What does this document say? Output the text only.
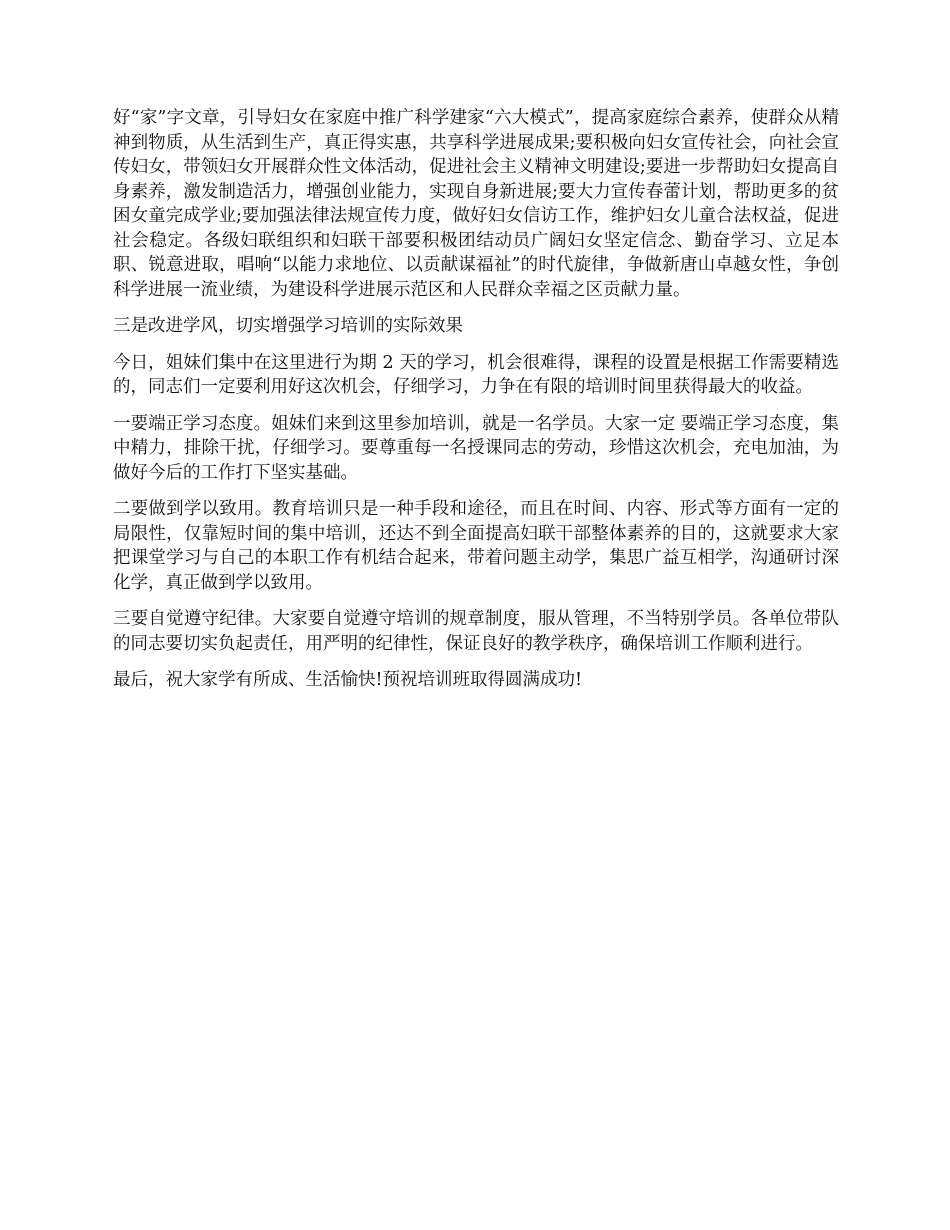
好“家”字文章，引导妇女在家庭中推广科学建家“六大模式”，提高家庭综合素养，使群众从精神到物质，从生活到生产，真正得实惠，共享科学进展成果;要积极向妇女宣传社会，向社会宣传妇女，带领妇女开展群众性文体活动，促进社会主义精神文明建设;要进一步帮助妇女提高自身素养，激发制造活力，增强创业能力，实现自身新进展;要大力宣传春蕾计划，帮助更多的贫困女童完成学业;要加强法律法规宣传力度，做好妇女信访工作，维护妇女儿童合法权益，促进社会稳定。各级妇联组织和妇联干部要积极团结动员广阔妇女坚定信念、勤奋学习、立足本职、锐意进取，唱响“以能力求地位、以贡献谋福祉”的时代旋律，争做新唐山卓越女性，争创科学进展一流业绩，为建设科学进展示范区和人民群众幸福之区贡献力量。

三是改进学风，切实增强学习培训的实际效果

今日，姐妹们集中在这里进行为期 2 天的学习，机会很难得，课程的设置是根据工作需要精选的，同志们一定要利用好这次机会，仔细学习，力争在有限的培训时间里获得最大的收益。

一要端正学习态度。姐妹们来到这里参加培训，就是一名学员。大家一定 要端正学习态度，集中精力，排除干扰，仔细学习。要尊重每一名授课同志的劳动，珍惜这次机会，充电加油，为做好今后的工作打下坚实基础。

二要做到学以致用。教育培训只是一种手段和途径，而且在时间、内容、形式等方面有一定的局限性，仅靠短时间的集中培训，还达不到全面提高妇联干部整体素养的目的，这就要求大家把课堂学习与自己的本职工作有机结合起来，带着问题主动学，集思广益互相学，沟通研讨深化学，真正做到学以致用。

三要自觉遵守纪律。大家要自觉遵守培训的规章制度，服从管理，不当特别学员。各单位带队的同志要切实负起责任，用严明的纪律性，保证良好的教学秩序，确保培训工作顺利进行。

最后，祝大家学有所成、生活愉快!预祝培训班取得圆满成功!
